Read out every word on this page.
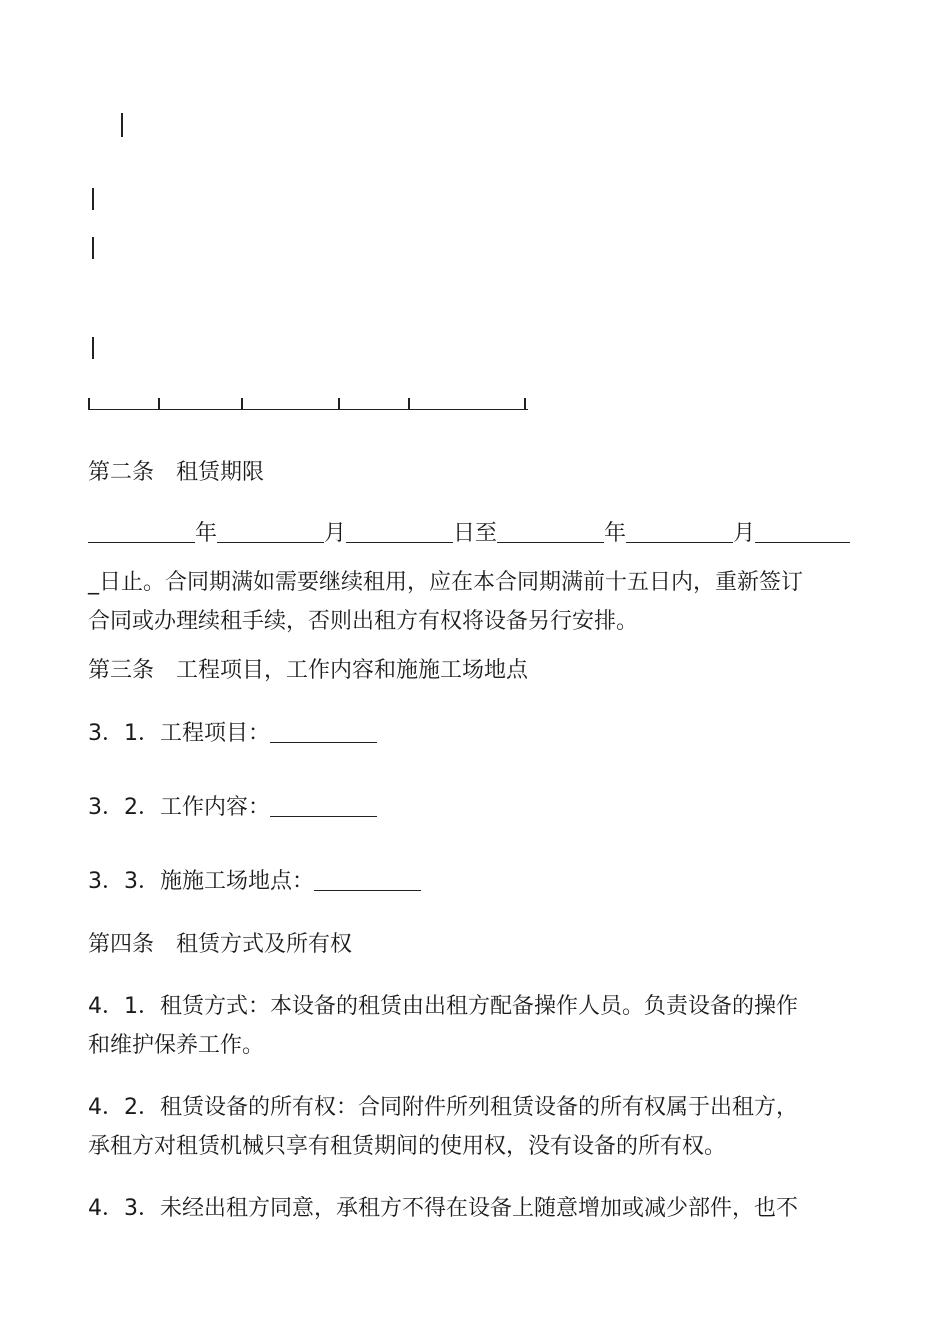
第二条　租赁期限
年	月	日至	年	月
_日止。合同期满如需要继续租用，应在本合同期满前十五日内，重新签订
合同或办理续租手续，否则出租方有权将设备另行安排。
第三条　工程项目，工作内容和施施工场地点
3．1．工程项目：
3．2．工作内容：
3．3．施施工场地点：
第四条　租赁方式及所有权
4．1．租赁方式：本设备的租赁由出租方配备操作人员。负责设备的操作
和维护保养工作。
4．2．租赁设备的所有权：合同附件所列租赁设备的所有权属于出租方，
承租方对租赁机械只享有租赁期间的使用权，没有设备的所有权。
4．3．未经出租方同意，承租方不得在设备上随意增加或减少部件，也不
